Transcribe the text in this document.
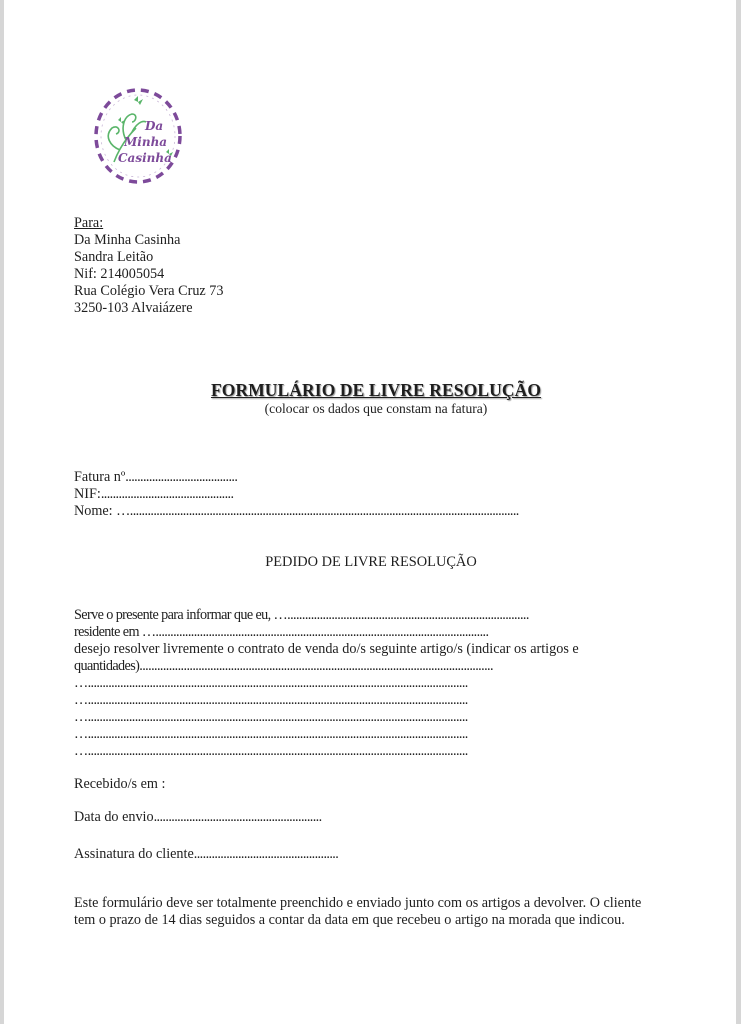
Da
Minha
Casinha
Para:
Da Minha Casinha
Sandra Leitão
Nif: 214005054
Rua Colégio Vera Cruz 73
3250-103 Alvaiázere
FORMULÁRIO DE LIVRE RESOLUÇÃO
(colocar os dados que constam na fatura)
Fatura nº......................................
NIF:.............................................
Nome: …....................................................................................................................................
PEDIDO DE LIVRE RESOLUÇÃO
Serve o presente para informar que eu, …..................................................................................
residente em ….................................................................................................................
desejo resolver livremente o contrato de venda do/s seguinte artigo/s (indicar os artigos e
quantidades)........................................................................................................................
….................................................................................................................................
….................................................................................................................................
….................................................................................................................................
….................................................................................................................................
….................................................................................................................................
Recebido/s em :
Data do envio.........................................................
Assinatura do cliente.................................................
Este formulário deve ser totalmente preenchido e enviado junto com os artigos a devolver. O cliente
tem o prazo de 14 dias seguidos a contar da data em que recebeu o artigo na morada que indicou.
